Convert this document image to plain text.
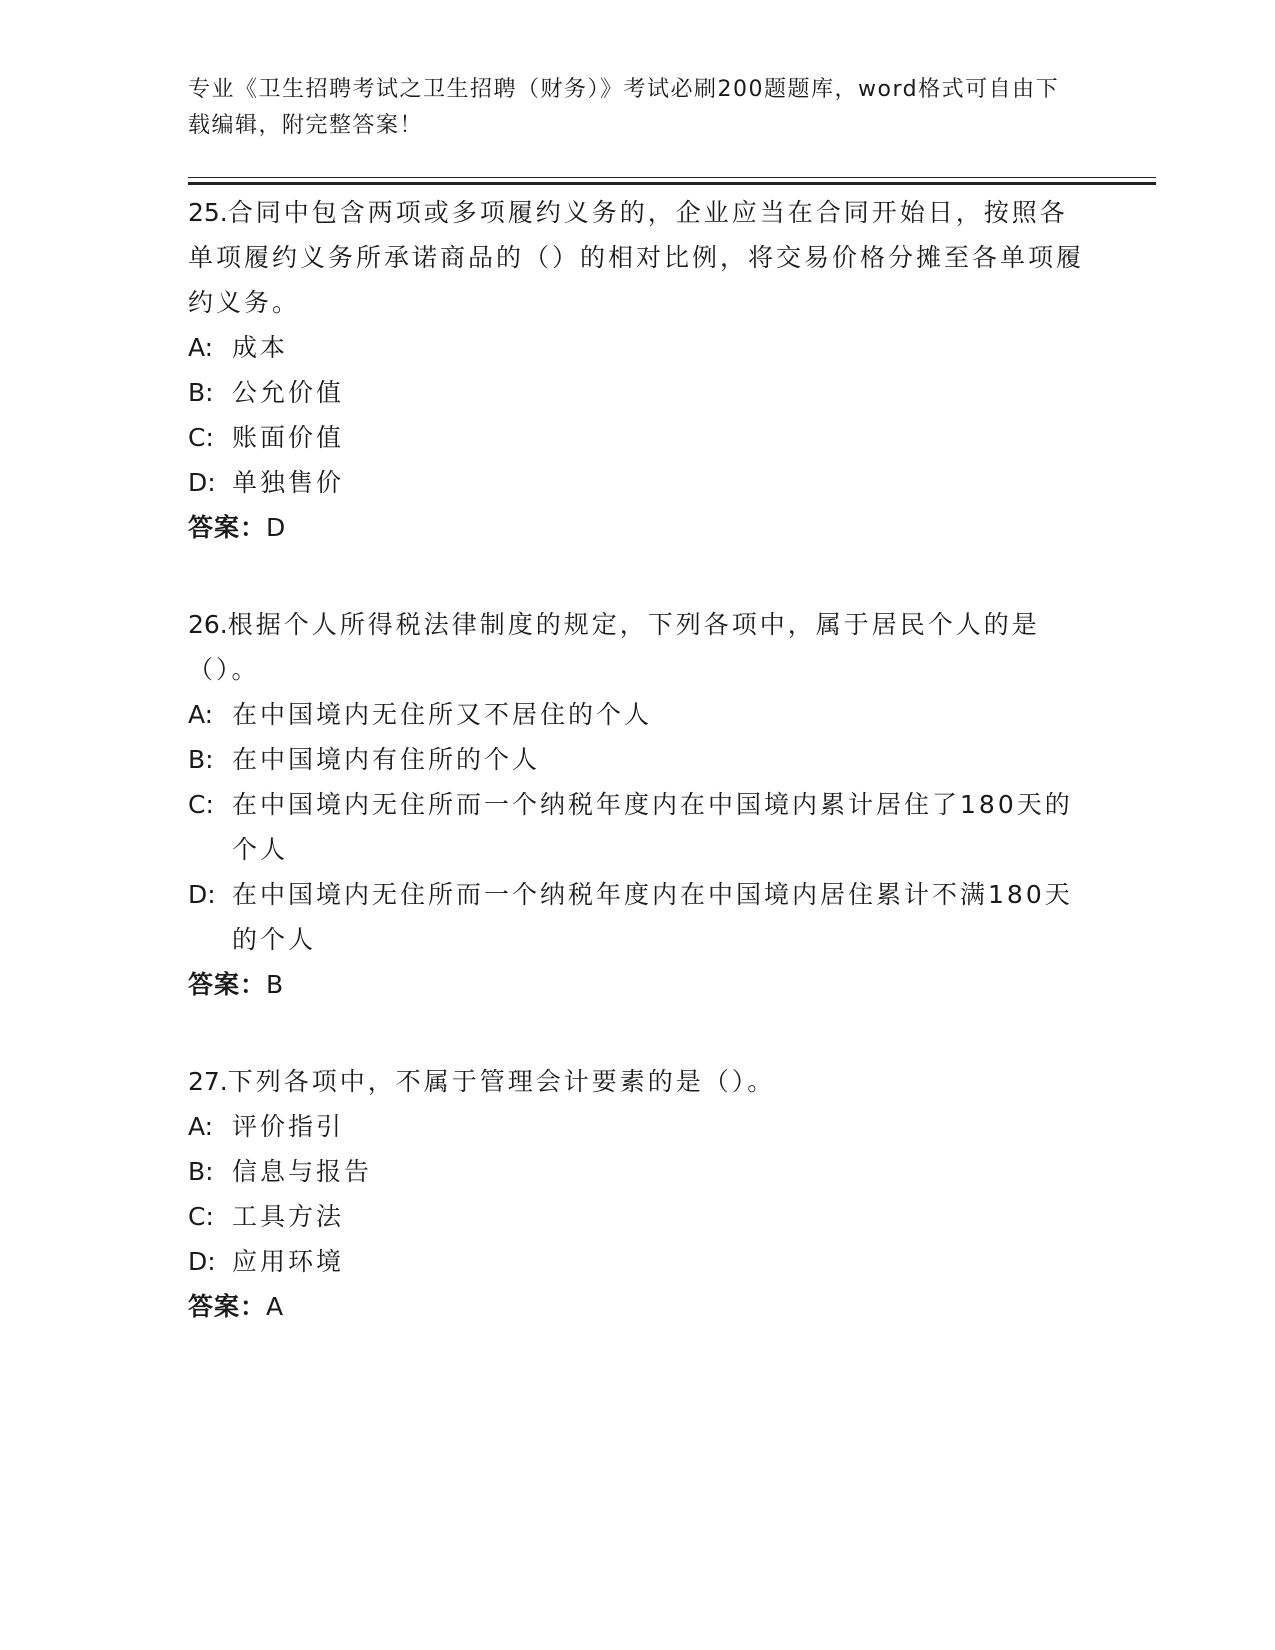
专业《卫生招聘考试之卫生招聘（财务）》考试必刷200题题库，word格式可自由下载编辑，附完整答案！
25.合同中包含两项或多项履约义务的，企业应当在合同开始日，按照各单项履约义务所承诺商品的（）的相对比例，将交易价格分摊至各单项履约义务。
A: 成本
B: 公允价值
C: 账面价值
D: 单独售价
答案：D
26.根据个人所得税法律制度的规定，下列各项中，属于居民个人的是（）。
A: 在中国境内无住所又不居住的个人
B: 在中国境内有住所的个人
C: 在中国境内无住所而一个纳税年度内在中国境内累计居住了180天的个人
D: 在中国境内无住所而一个纳税年度内在中国境内居住累计不满180天的个人
答案：B
27.下列各项中，不属于管理会计要素的是（）。
A: 评价指引
B: 信息与报告
C: 工具方法
D: 应用环境
答案：A
